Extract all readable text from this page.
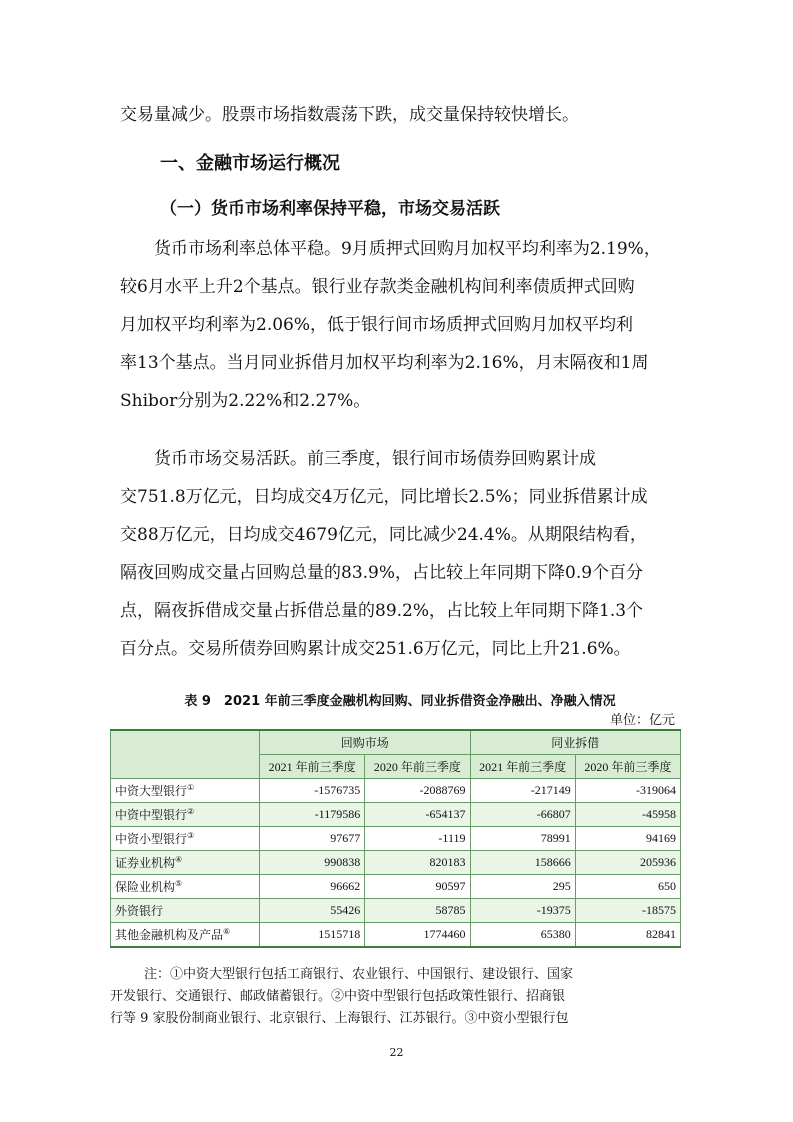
交易量减少。股票市场指数震荡下跌，成交量保持较快增长。
一、金融市场运行概况
（一）货币市场利率保持平稳，市场交易活跃
货币市场利率总体平稳。9月质押式回购月加权平均利率为2.19%，
较6月水平上升2个基点。银行业存款类金融机构间利率债质押式回购
月加权平均利率为2.06%，低于银行间市场质押式回购月加权平均利
率13个基点。当月同业拆借月加权平均利率为2.16%，月末隔夜和1周
Shibor分别为2.22%和2.27%。
货币市场交易活跃。前三季度，银行间市场债券回购累计成
交751.8万亿元，日均成交4万亿元，同比增长2.5%；同业拆借累计成
交88万亿元，日均成交4679亿元，同比减少24.4%。从期限结构看，
隔夜回购成交量占回购总量的83.9%，占比较上年同期下降0.9个百分
点，隔夜拆借成交量占拆借总量的89.2%，占比较上年同期下降1.3个
百分点。交易所债券回购累计成交251.6万亿元，同比上升21.6%。
表 9　2021 年前三季度金融机构回购、同业拆借资金净融出、净融入情况
单位：亿元
	回购市场		同业拆借	
	2021 年前三季度	2020 年前三季度	2021 年前三季度	2020 年前三季度
中资大型银行①	-1576735	-2088769	-217149	-319064
中资中型银行②	-1179586	-654137	-66807	-45958
中资小型银行③	97677	-1119	78991	94169
证券业机构④	990838	820183	158666	205936
保险业机构⑤	96662	90597	295	650
外资银行	55426	58785	-19375	-18575
其他金融机构及产品⑥	1515718	1774460	65380	82841
注：①中资大型银行包括工商银行、农业银行、中国银行、建设银行、国家
开发银行、交通银行、邮政储蓄银行。②中资中型银行包括政策性银行、招商银
行等 9 家股份制商业银行、北京银行、上海银行、江苏银行。③中资小型银行包
22
